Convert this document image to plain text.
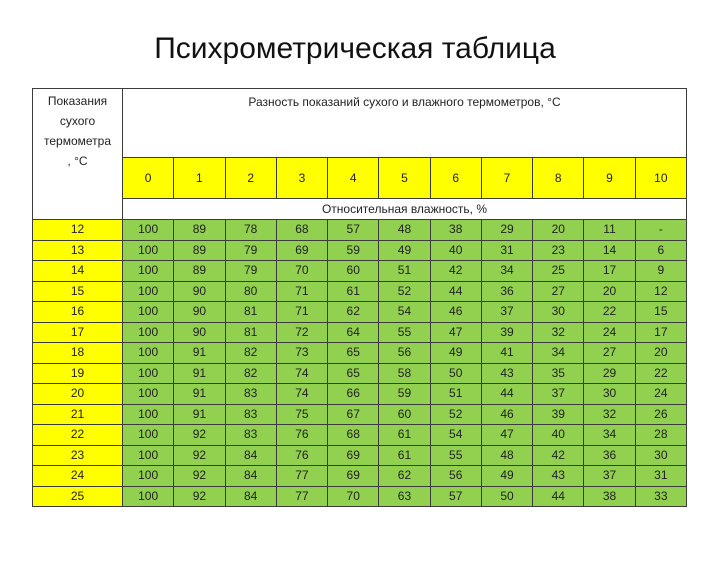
Психрометрическая таблица
Показания
сухого
термометра
, °С	Разность показаний сухого и влажного термометров, °С										
	0	1	2	3	4	5	6	7	8	9	10
	Относительная влажность, %										
12	100	89	78	68	57	48	38	29	20	11	-
13	100	89	79	69	59	49	40	31	23	14	6
14	100	89	79	70	60	51	42	34	25	17	9
15	100	90	80	71	61	52	44	36	27	20	12
16	100	90	81	71	62	54	46	37	30	22	15
17	100	90	81	72	64	55	47	39	32	24	17
18	100	91	82	73	65	56	49	41	34	27	20
19	100	91	82	74	65	58	50	43	35	29	22
20	100	91	83	74	66	59	51	44	37	30	24
21	100	91	83	75	67	60	52	46	39	32	26
22	100	92	83	76	68	61	54	47	40	34	28
23	100	92	84	76	69	61	55	48	42	36	30
24	100	92	84	77	69	62	56	49	43	37	31
25	100	92	84	77	70	63	57	50	44	38	33
